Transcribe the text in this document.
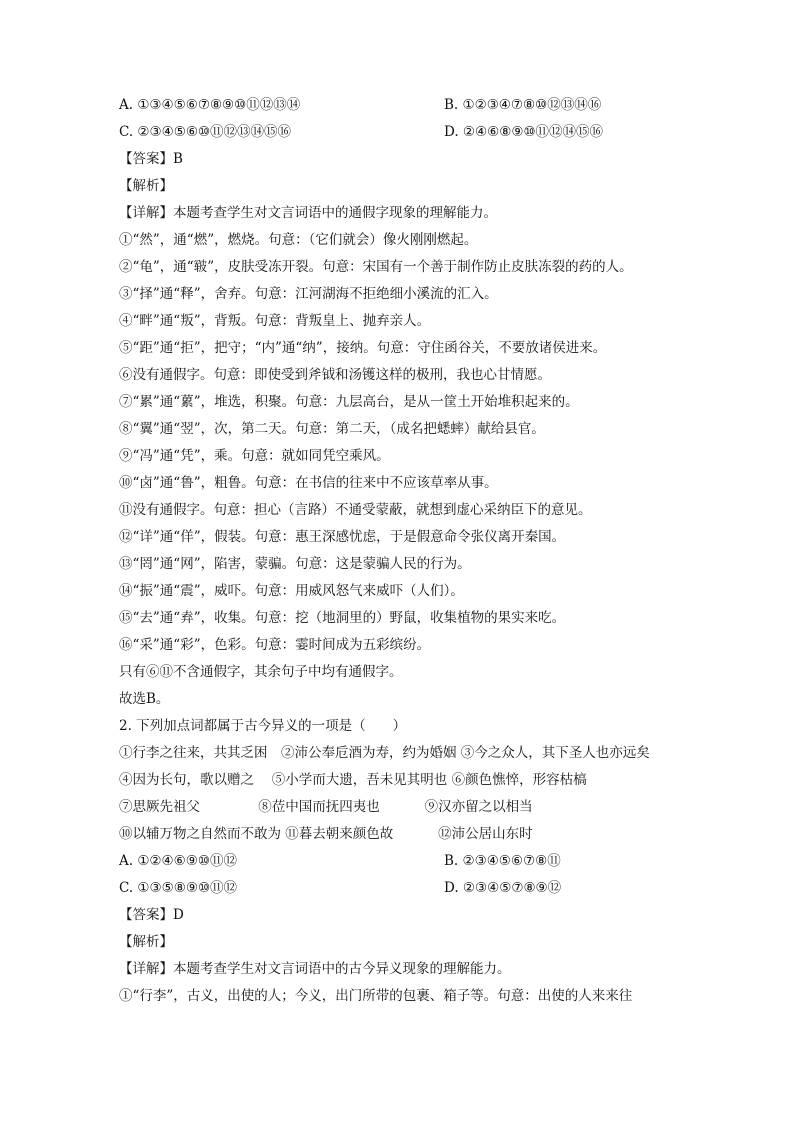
A. ①③④⑤⑥⑦⑧⑨⑩⑪⑫⑬⑭	B. ①②③④⑦⑧⑩⑫⑬⑭⑯
C. ②③④⑤⑥⑩⑪⑫⑬⑭⑮⑯	D. ②④⑥⑧⑨⑩⑪⑫⑭⑮⑯
【答案】B
【解析】
【详解】本题考查学生对文言词语中的通假字现象的理解能力。
①“然”，通“燃”，燃烧。句意：（它们就会）像火刚刚燃起。
②“龟”，通“皲”，皮肤受冻开裂。句意：宋国有一个善于制作防止皮肤冻裂的药的人。
③“择”通“释”，舍弃。句意：江河湖海不拒绝细小溪流的汇入。
④“畔”通“叛”，背叛。句意：背叛皇上、抛弃亲人。
⑤“距”通“拒”，把守；“内”通“纳”，接纳。句意：守住函谷关，不要放诸侯进来。
⑥没有通假字。句意：即使受到斧钺和汤镬这样的极刑，我也心甘情愿。
⑦“累”通“蔂”，堆选，积聚。句意：九层高台，是从一筐土开始堆积起来的。
⑧“翼”通“翌”，次，第二天。句意：第二天，（成名把蟋蟀）献给县官。
⑨“冯”通“凭”，乘。句意：就如同凭空乘风。
⑩“卤”通“鲁”，粗鲁。句意：在书信的往来中不应该草率从事。
⑪没有通假字。句意：担心（言路）不通受蒙蔽，就想到虚心采纳臣下的意见。
⑫“详”通“佯”，假装。句意：惠王深感忧虑，于是假意命令张仪离开秦国。
⑬“罔”通“网”，陷害，蒙骗。句意：这是蒙骗人民的行为。
⑭“振”通“震”，威吓。句意：用威风怒气来威吓（人们）。
⑮“去”通“弆”，收集。句意：挖（地洞里的）野鼠，收集植物的果实来吃。
⑯“采”通“彩”，色彩。句意：霎时间成为五彩缤纷。
只有⑥⑪不含通假字，其余句子中均有通假字。
故选B。
2. 下列加点词都属于古今异义的一项是（　　）
①行李之往来，共其乏困　②沛公奉卮酒为寿，约为婚姻 ③今之众人，其下圣人也亦远矣
④因为长句，歌以赠之　 ⑤小学而大遗，吾未见其明也 ⑥颜色憔悴，形容枯槁
⑦思厥先祖父　　　　 ⑧莅中国而抚四夷也　　　 ⑨汉亦留之以相当
⑩以辅万物之自然而不敢为 ⑪暮去朝来颜色故　　　 ⑫沛公居山东时
A. ①②④⑥⑨⑩⑪⑫	B. ②③④⑤⑥⑦⑧⑪
C. ①③⑤⑧⑨⑩⑪⑫	D. ②③④⑤⑦⑧⑨⑫
【答案】D
【解析】
【详解】本题考查学生对文言词语中的古今异义现象的理解能力。
①“行李”，古义，出使的人；今义，出门所带的包裹、箱子等。句意：出使的人来来往
